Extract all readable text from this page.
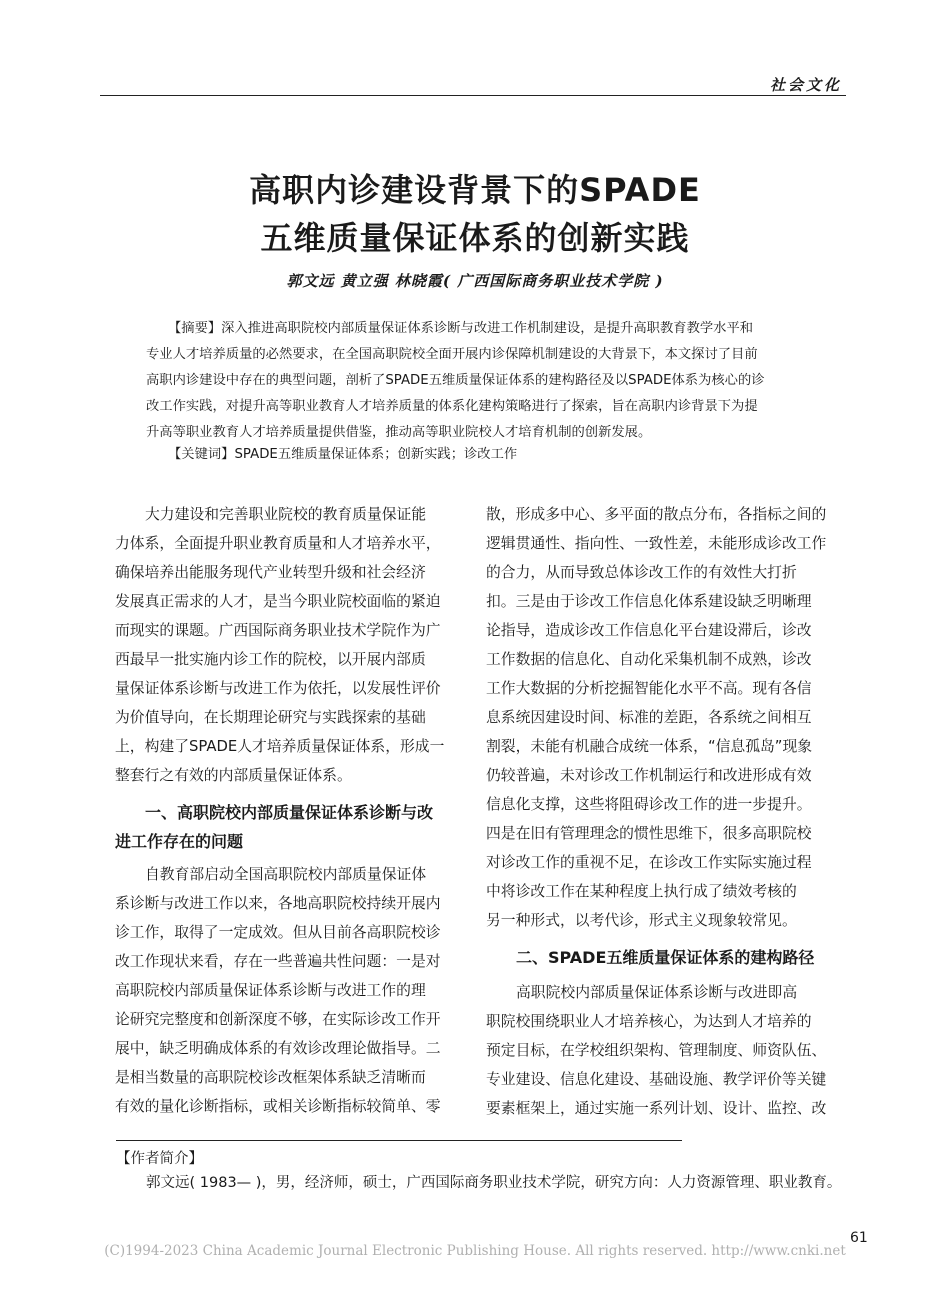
社会文化
高职内诊建设背景下的SPADE
五维质量保证体系的创新实践
郭文远 黄立强 林晓霞( 广西国际商务职业技术学院 )
【摘要】深入推进高职院校内部质量保证体系诊断与改进工作机制建设，是提升高职教育教学水平和
专业人才培养质量的必然要求，在全国高职院校全面开展内诊保障机制建设的大背景下，本文探讨了目前
高职内诊建设中存在的典型问题，剖析了SPADE五维质量保证体系的建构路径及以SPADE体系为核心的诊
改工作实践，对提升高等职业教育人才培养质量的体系化建构策略进行了探索，旨在高职内诊背景下为提
升高等职业教育人才培养质量提供借鉴，推动高等职业院校人才培育机制的创新发展。
【关键词】SPADE五维质量保证体系；创新实践；诊改工作

大力建设和完善职业院校的教育质量保证能

力体系，全面提升职业教育质量和人才培养水平，

确保培养出能服务现代产业转型升级和社会经济

发展真正需求的人才，是当今职业院校面临的紧迫

而现实的课题。广西国际商务职业技术学院作为广

西最早一批实施内诊工作的院校，以开展内部质

量保证体系诊断与改进工作为依托，以发展性评价

为价值导向，在长期理论研究与实践探索的基础

上，构建了SPADE人才培养质量保证体系，形成一

整套行之有效的内部质量保证体系。

一、高职院校内部质量保证体系诊断与改

进工作存在的问题

自教育部启动全国高职院校内部质量保证体

系诊断与改进工作以来，各地高职院校持续开展内

诊工作，取得了一定成效。但从目前各高职院校诊

改工作现状来看，存在一些普遍共性问题：一是对

高职院校内部质量保证体系诊断与改进工作的理

论研究完整度和创新深度不够，在实际诊改工作开

展中，缺乏明确成体系的有效诊改理论做指导。二

是相当数量的高职院校诊改框架体系缺乏清晰而

有效的量化诊断指标，或相关诊断指标较简单、零

散，形成多中心、多平面的散点分布，各指标之间的

逻辑贯通性、指向性、一致性差，未能形成诊改工作

的合力，从而导致总体诊改工作的有效性大打折

扣。三是由于诊改工作信息化体系建设缺乏明晰理

论指导，造成诊改工作信息化平台建设滞后，诊改

工作数据的信息化、自动化采集机制不成熟，诊改

工作大数据的分析挖掘智能化水平不高。现有各信

息系统因建设时间、标准的差距，各系统之间相互

割裂，未能有机融合成统一体系，“信息孤岛”现象

仍较普遍，未对诊改工作机制运行和改进形成有效

信息化支撑，这些将阻碍诊改工作的进一步提升。

四是在旧有管理理念的惯性思维下，很多高职院校

对诊改工作的重视不足，在诊改工作实际实施过程

中将诊改工作在某种程度上执行成了绩效考核的

另一种形式，以考代诊，形式主义现象较常见。

二、SPADE五维质量保证体系的建构路径

高职院校内部质量保证体系诊断与改进即高

职院校围绕职业人才培养核心，为达到人才培养的

预定目标，在学校组织架构、管理制度、师资队伍、

专业建设、信息化建设、基础设施、教学评价等关键

要素框架上，通过实施一系列计划、设计、监控、改

【作者简介】
郭文远( 1983— )，男，经济师，硕士，广西国际商务职业技术学院，研究方向：人力资源管理、职业教育。
61
(C)1994-2023 China Academic Journal Electronic Publishing House. All rights reserved. http://www.cnki.net
